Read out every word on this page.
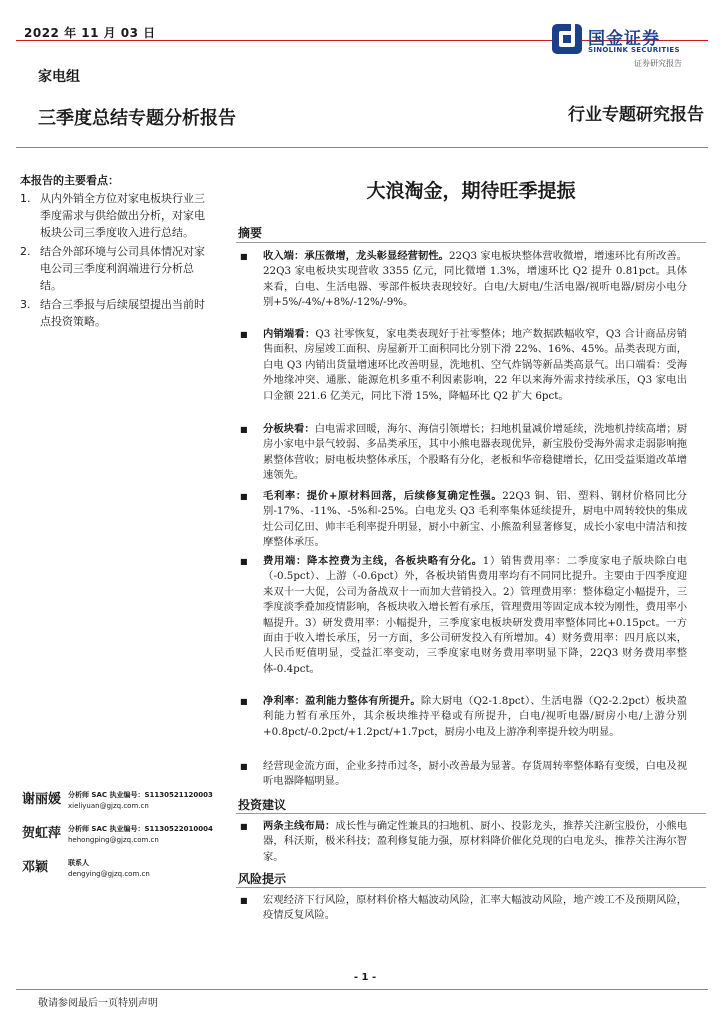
2022 年 11 月 03 日	国金证券
SINOLINK SECURITIES
证券研究报告
家电组
三季度总结专题分析报告	行业专题研究报告
本报告的主要看点：
1. 从内外销全方位对家电板块行业三季度需求与供给做出分析，对家电板块公司三季度收入进行总结。
2. 结合外部环境与公司具体情况对家电公司三季度利润端进行分析总结。
3. 结合三季报与后续展望提出当前时点投资策略。
谢丽媛 分析师 SAC 执业编号：S1130521120003
xieliyuan@gjzq.com.cn
贺虹萍 分析师 SAC 执业编号：S1130522010004
hehongping@gjzq.com.cn
邓颖	联系人
dengying@gjzq.com.cn
大浪淘金，期待旺季提振
摘要
■ 收入端：承压微增，龙头彰显经营韧性。22Q3 家电板块整体营收微增，增速环比有所改善。22Q3 家电板块实现营收 3355 亿元，同比微增 1.3%，增速环比 Q2 提升 0.81pct。具体来看，白电、生活电器、零部件板块表现较好。白电/大厨电/生活电器/视听电器/厨房小电分别+5%/-4%/+8%/-12%/-9%。
■ 内销端看：Q3 社零恢复，家电类表现好于社零整体；地产数据跌幅收窄，Q3 合计商品房销售面积、房屋竣工面积、房屋新开工面积同比分别下滑 22%、16%、45%。品类表现方面，白电 Q3 内销出货量增速环比改善明显，洗地机、空气炸锅等新品类高景气。出口端看：受海外地缘冲突、通胀、能源危机多重不利因素影响，22 年以来海外需求持续承压，Q3 家电出口金额 221.6 亿美元，同比下滑 15%，降幅环比 Q2 扩大 6pct。
■ 分板块看：白电需求回暖，海尔、海信引领增长；扫地机量减价增延续，洗地机持续高增；厨房小家电中景气较弱、多品类承压，其中小熊电器表现优异，新宝股份受海外需求走弱影响拖累整体营收；厨电板块整体承压，个股略有分化，老板和华帝稳健增长，亿田受益渠道改革增速领先。
■ 毛利率：提价+原材料回落，后续修复确定性强。22Q3 铜、铝、塑料、钢材价格同比分别-17%、-11%、-5%和-25%。白电龙头 Q3 毛利率集体延续提升，厨电中周转较快的集成灶公司亿田、帅丰毛利率提升明显，厨小中新宝、小熊盈利显著修复，成长小家电中清洁和按摩整体承压。
■ 费用端：降本控费为主线，各板块略有分化。1）销售费用率：二季度家电子版块除白电（-0.5pct）、上游（-0.6pct）外，各板块销售费用率均有不同同比提升。主要由于四季度迎来双十一大促，公司为备战双十一而加大营销投入。2）管理费用率：整体稳定小幅提升，三季度淡季叠加疫情影响，各板块收入增长暂有承压，管理费用等固定成本较为刚性，费用率小幅提升。3）研发费用率：小幅提升，三季度家电板块研发费用率整体同比+0.15pct。一方面由于收入增长承压，另一方面，多公司研发投入有所增加。4）财务费用率：四月底以来，人民币贬值明显，受益汇率变动，三季度家电财务费用率明显下降，22Q3 财务费用率整体-0.4pct。
■ 净利率：盈利能力整体有所提升。除大厨电（Q2-1.8pct）、生活电器（Q2-2.2pct）板块盈利能力暂有承压外，其余板块维持平稳或有所提升，白电/视听电器/厨房小电/上游分别+0.8pct/-0.2pct/+1.2pct/+1.7pct，厨房小电及上游净利率提升较为明显。
■ 经营现金流方面，企业多持币过冬，厨小改善最为显著。存货周转率整体略有变缓，白电及视听电器降幅明显。
投资建议
■ 两条主线布局：成长性与确定性兼具的扫地机、厨小、投影龙头，推荐关注新宝股份，小熊电器，科沃斯，极米科技；盈利修复能力强，原材料降价催化兑现的白电龙头，推荐关注海尔智家。
风险提示
■ 宏观经济下行风险，原材料价格大幅波动风险，汇率大幅波动风险，地产竣工不及预期风险，疫情反复风险。
- 1 -
敬请参阅最后一页特别声明
